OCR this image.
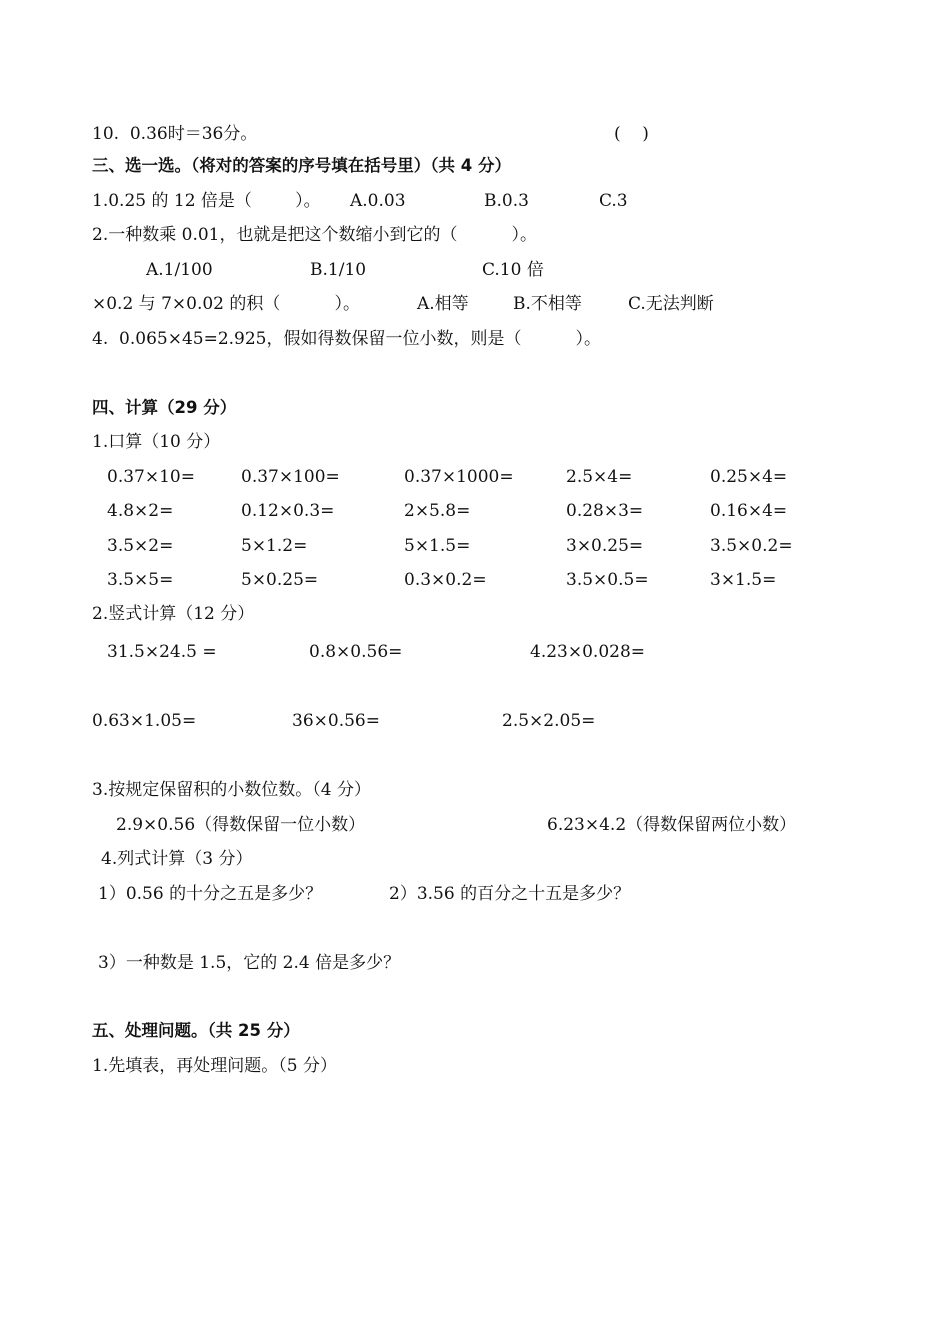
10.  0.36时＝36分。	(    )
三、选一选。（将对的答案的序号填在括号里）（共 4 分）
1.0.25 的 12 倍是（        ）。 A.0.03	B.0.3	C.3
2.一种数乘 0.01，也就是把这个数缩小到它的（          ）。
A.1/100	B.1/10	C.10 倍
×0.2 与 7×0.02 的积（          ）。	A.相等	B.不相等	C.无法判断
4.  0.065×45=2.925，假如得数保留一位小数，则是（          ）。
四、计算（29 分）
1.口算（10 分）
0.37×10=	0.37×100=	0.37×1000=	2.5×4=	0.25×4=
4.8×2=	0.12×0.3=	2×5.8=	0.28×3=	0.16×4=
3.5×2=	5×1.2=	5×1.5=	3×0.25=	3.5×0.2=
3.5×5=	5×0.25=	0.3×0.2=	3.5×0.5=	3×1.5=
2.竖式计算（12 分）
31.5×24.5 =	0.8×0.56=	4.23×0.028=
0.63×1.05=	36×0.56=	2.5×2.05=
3.按规定保留积的小数位数。（4 分）
2.9×0.56（得数保留一位小数）	6.23×4.2（得数保留两位小数）
4.列式计算（3 分）
1）0.56 的十分之五是多少？	2）3.56 的百分之十五是多少？
3）一种数是 1.5，它的 2.4 倍是多少？
五、处理问题。（共 25 分）
1.先填表，再处理问题。（5 分）
